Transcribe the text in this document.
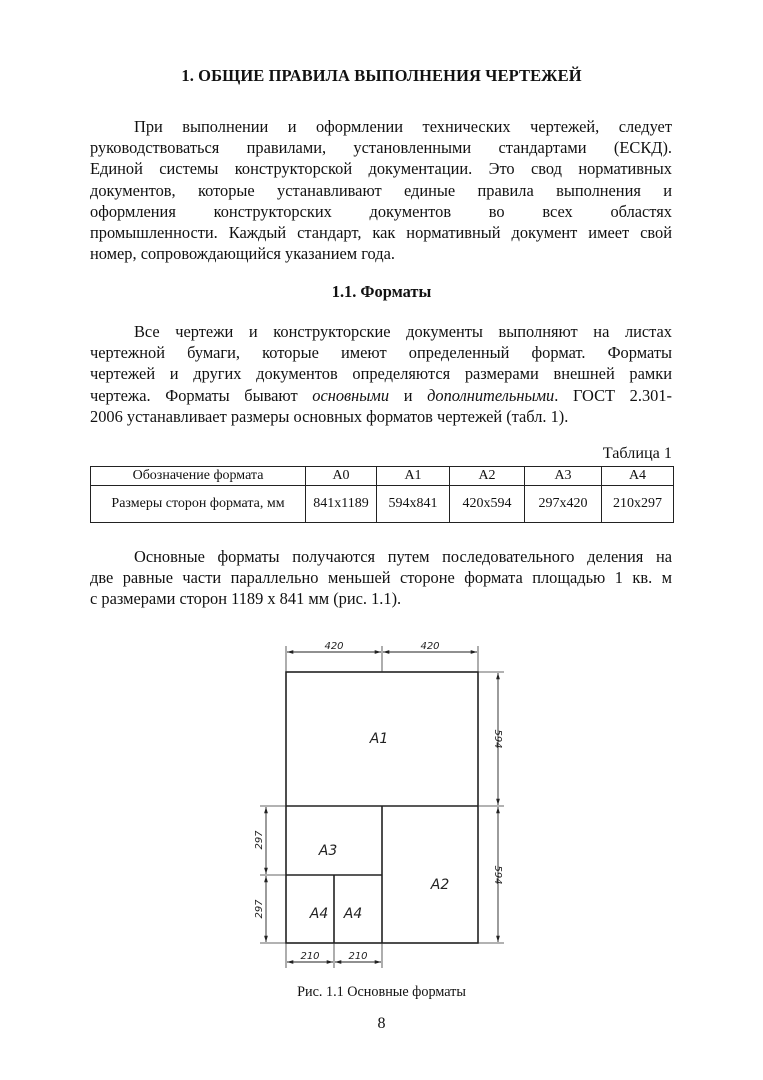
1. ОБЩИЕ ПРАВИЛА ВЫПОЛНЕНИЯ ЧЕРТЕЖЕЙ

При выполнении и оформлении технических чертежей, следует
руководствоваться правилами, установленными стандартами (ЕСКД).
Единой системы конструкторской документации. Это свод нормативных
документов, которые устанавливают единые правила выполнения и
оформления конструкторских документов во всех областях
промышленности. Каждый стандарт, как нормативный документ имеет свой
номер, сопровождающийся указанием года.

1.1. Форматы

Все чертежи и конструкторские документы выполняют на листах
чертежной бумаги, которые имеют определенный формат. Форматы
чертежей и других документов определяются размерами внешней рамки
чертежа. Форматы бывают основными и дополнительными. ГОСТ 2.301-
2006 устанавливает размеры основных форматов чертежей (табл. 1).

Таблица 1
Обозначение формата	A0	A1	A2	A3	A4
Размеры сторон формата, мм	841x1189	594x841	420x594	297x420	210x297

Основные форматы получаются путем последовательного деления на
две равные части параллельно меньшей стороне формата площадью 1 кв. м
с размерами сторон 1189 х 841 мм (рис. 1.1).

420	420
594
594
297
297
210	210
A1
A2
A3
A4 A4
Рис. 1.1 Основные форматы
8
